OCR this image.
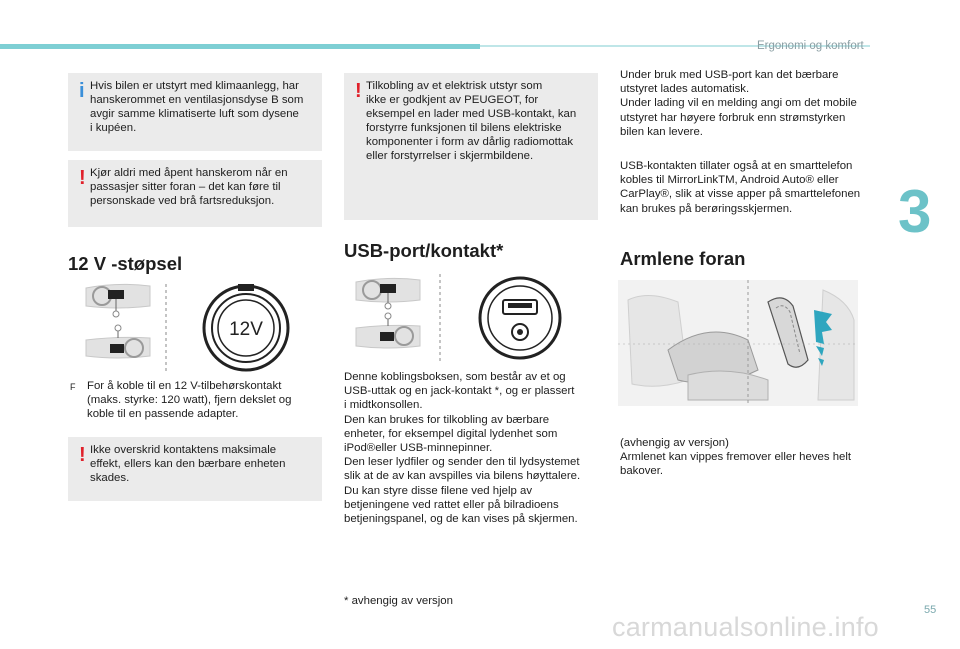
Ergonomi og komfort
3
55
carmanualsonline.info
i Hvis bilen er utstyrt med klimaanlegg, har
hanskerommet en ventilasjonsdyse B som
avgir samme klimatiserte luft som dysene
i kupéen.
! Kjør aldri med åpent hanskerom når en
passasjer sitter foran – det kan føre til
personskade ved brå fartsreduksjon.
12 V -støpsel
12V
F For å koble til en 12 V-tilbehørskontakt
(maks. styrke: 120 watt), fjern dekslet og
koble til en passende adapter.
! Ikke overskrid kontaktens maksimale
effekt, ellers kan den bærbare enheten
skades.
! Tilkobling av et elektrisk utstyr som
ikke er godkjent av PEUGEOT, for
eksempel en lader med USB-kontakt, kan
forstyrre funksjonen til bilens elektriske
komponenter i form av dårlig radiomottak
eller forstyrrelser i skjermbildene.
USB-port/kontakt*
Denne koblingsboksen, som består av et og
USB-uttak og en jack-kontakt *, og er plassert
i midtkonsollen.
Den kan brukes for tilkobling av bærbare
enheter, for eksempel digital lydenhet som
iPod®eller USB-minnepinner.
Den leser lydfiler og sender den til lydsystemet
slik at de av kan avspilles via bilens høyttalere.
Du kan styre disse filene ved hjelp av
betjeningene ved rattet eller på bilradioens
betjeningspanel, og de kan vises på skjermen.
* avhengig av versjon
Under bruk med USB-port kan det bærbare
utstyret lades automatisk.
Under lading vil en melding angi om det mobile
utstyret har høyere forbruk enn strømstyrken
bilen kan levere.
USB-kontakten tillater også at en smarttelefon
kobles til MirrorLinkTM, Android Auto® eller
CarPlay®, slik at visse apper på smarttelefonen
kan brukes på berøringsskjermen.
Armlene foran
(avhengig av versjon)
Armlenet kan vippes fremover eller heves helt
bakover.
